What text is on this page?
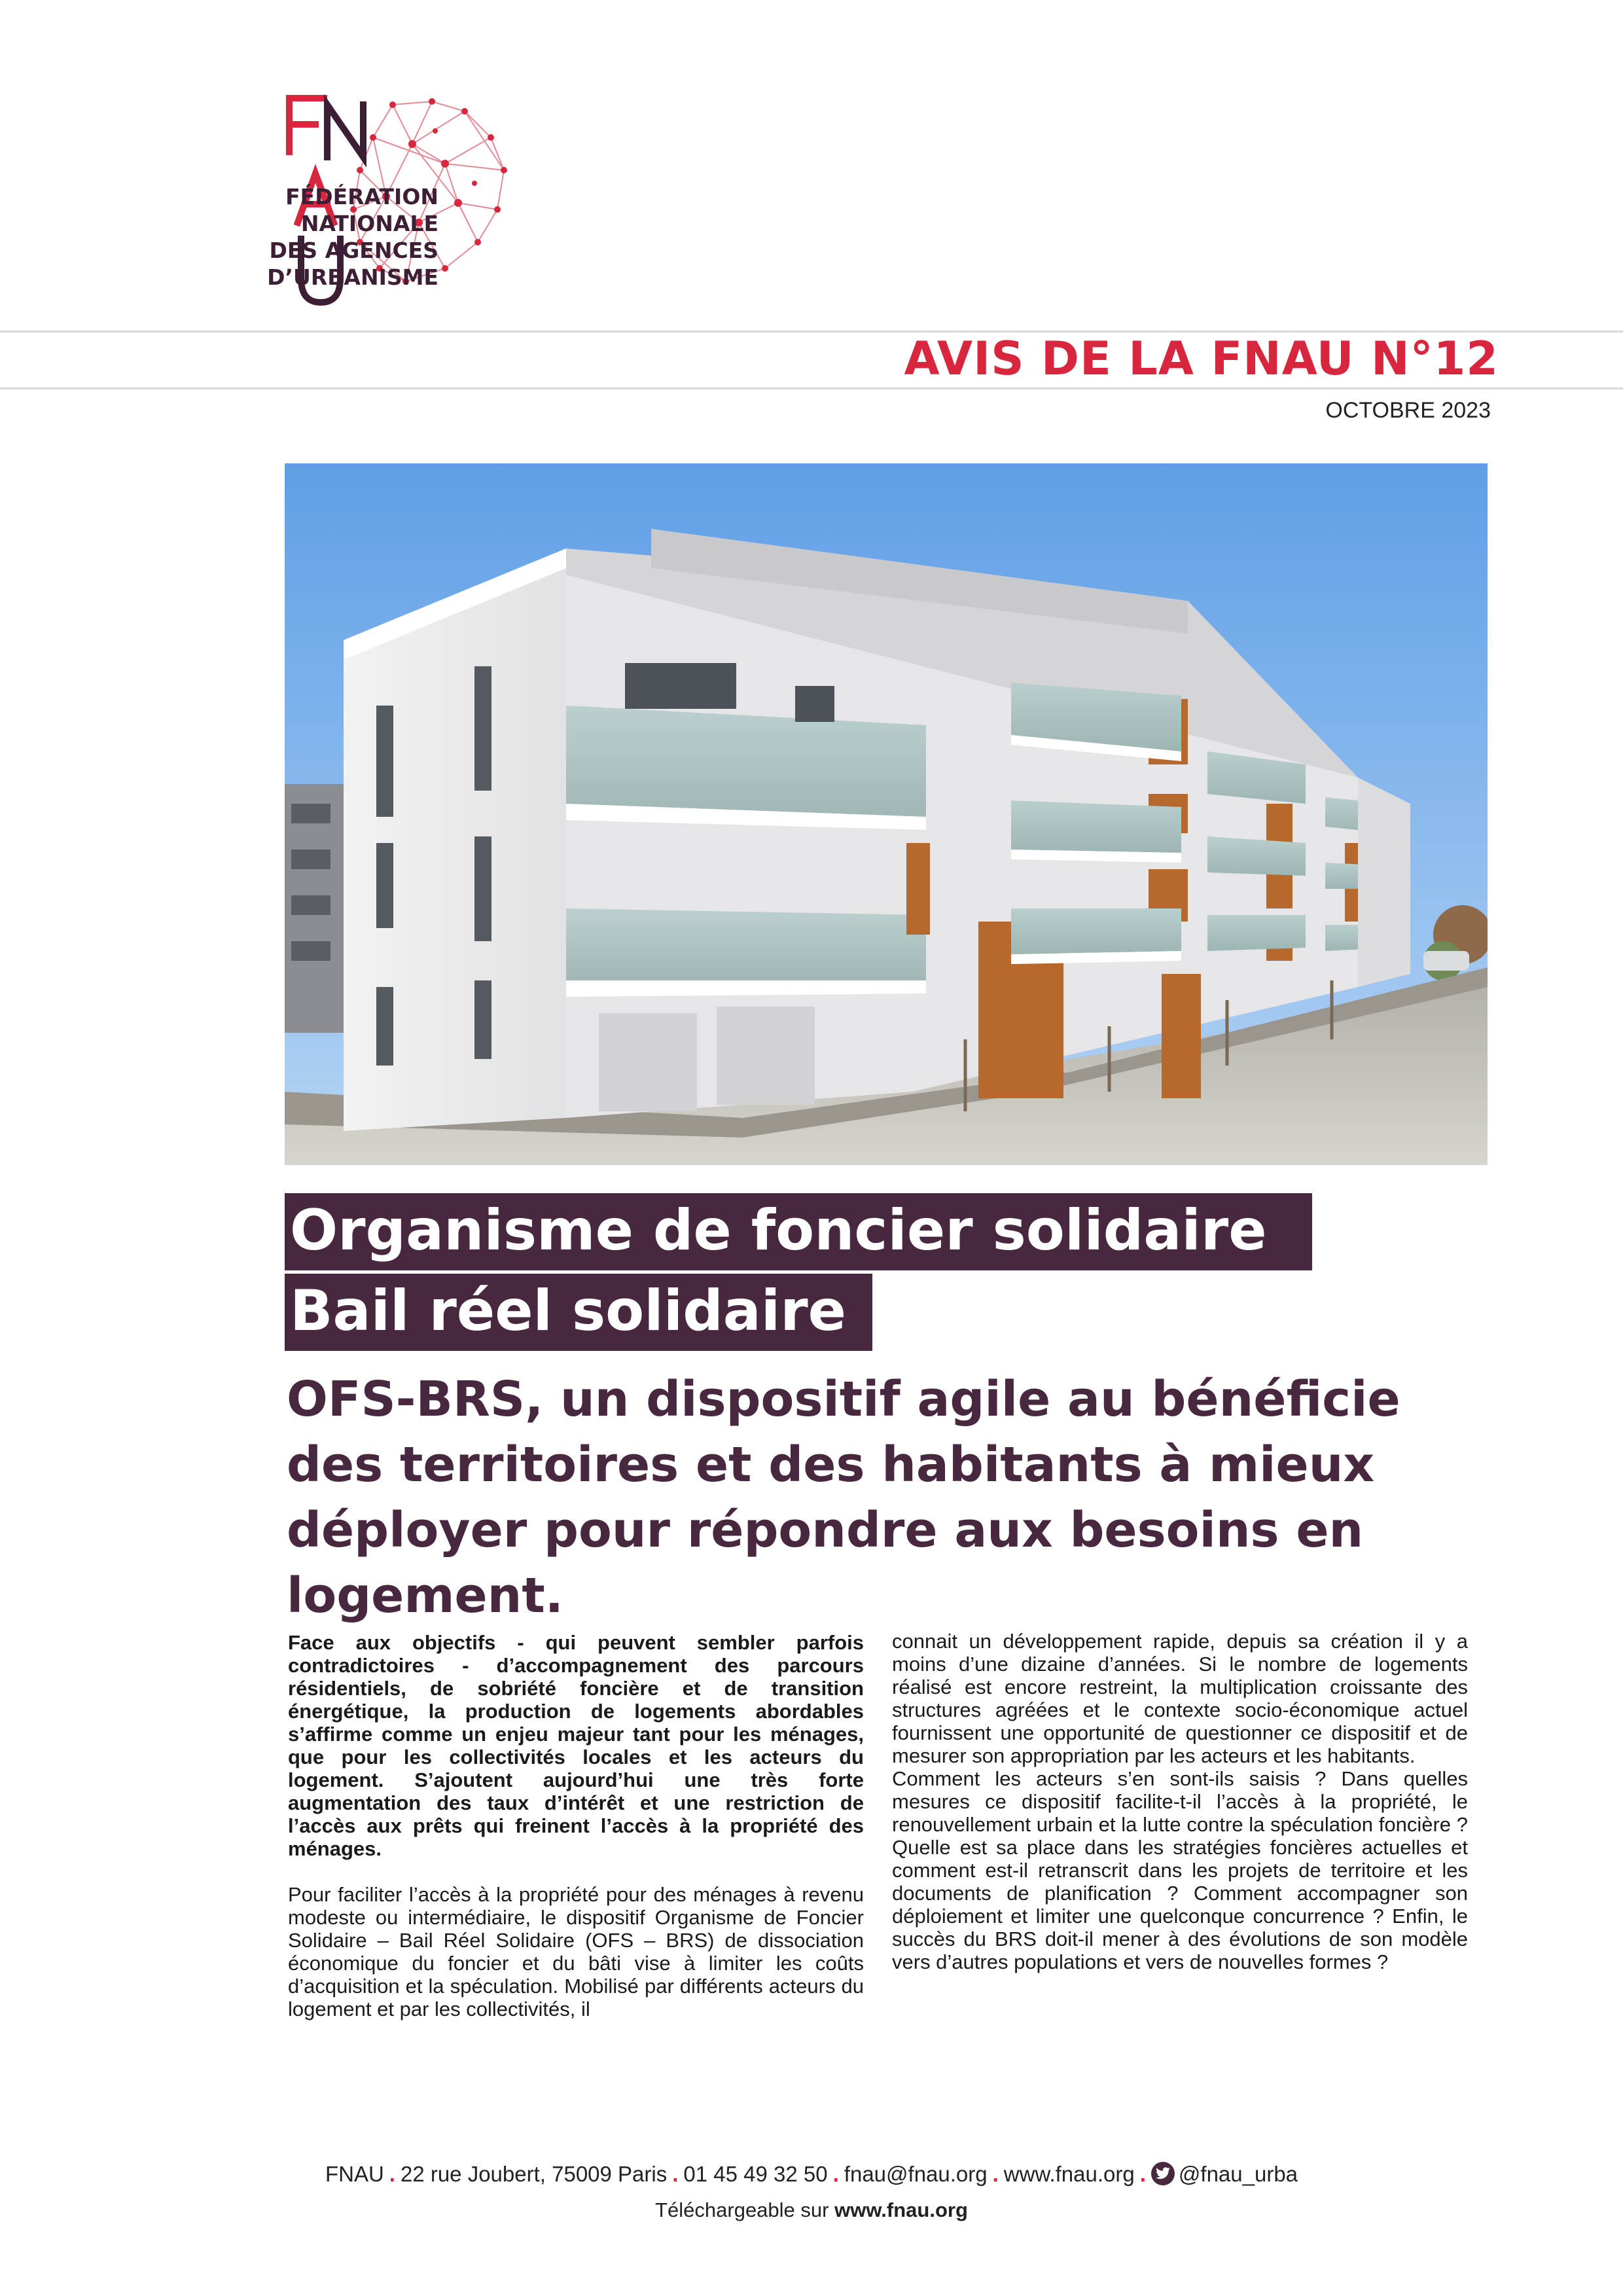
FÉDÉRATION
NATIONALE
DES AGENCES
D’URBANISME
AVIS DE LA FNAU N°12
OCTOBRE 2023
Organisme de foncier solidaire
Bail réel solidaire
OFS-BRS, un dispositif agile au bénéficie des territoires et des habitants à mieux déployer pour répondre aux besoins en logement.

Face aux objectifs - qui peuvent sembler parfois contradictoires - d’accompagnement des parcours résidentiels, de sobriété foncière et de transition énergétique, la production de logements abordables s’affirme comme un enjeu majeur tant pour les ménages, que pour les collectivités locales et les acteurs du logement. S’ajoutent aujourd’hui une très forte augmentation des taux d’intérêt et une restriction de l’accès aux prêts qui freinent l’accès à la propriété des ménages.

Pour faciliter l’accès à la propriété pour des ménages à revenu modeste ou intermédiaire, le dispositif Organisme de Foncier Solidaire – Bail Réel Solidaire (OFS – BRS) de dissociation économique du foncier et du bâti vise à limiter les coûts d’acquisition et la spéculation. Mobilisé par différents acteurs du logement et par les collectivités, il

connait un développement rapide, depuis sa création il y a moins d’une dizaine d’années. Si le nombre de logements réalisé est encore restreint, la multiplication croissante des structures agréées et le contexte socio-économique actuel fournissent une opportunité de questionner ce dispositif et de mesurer son appropriation par les acteurs et les habitants.

Comment les acteurs s’en sont-ils saisis ? Dans quelles mesures ce dispositif facilite-t-il l’accès à la propriété, le renouvellement urbain et la lutte contre la spéculation foncière ? Quelle est sa place dans les stratégies foncières actuelles et comment est-il retranscrit dans les projets de territoire et les documents de planification ? Comment accompagner son déploiement et limiter une quelconque concurrence ? Enfin, le succès du BRS doit-il mener à des évolutions de son modèle vers d’autres populations et vers de nouvelles formes ?

FNAU . 22 rue Joubert, 75009 Paris . 01 45 49 32 50 . fnau@fnau.org . www.fnau.org . @fnau_urba
Téléchargeable sur www.fnau.org
